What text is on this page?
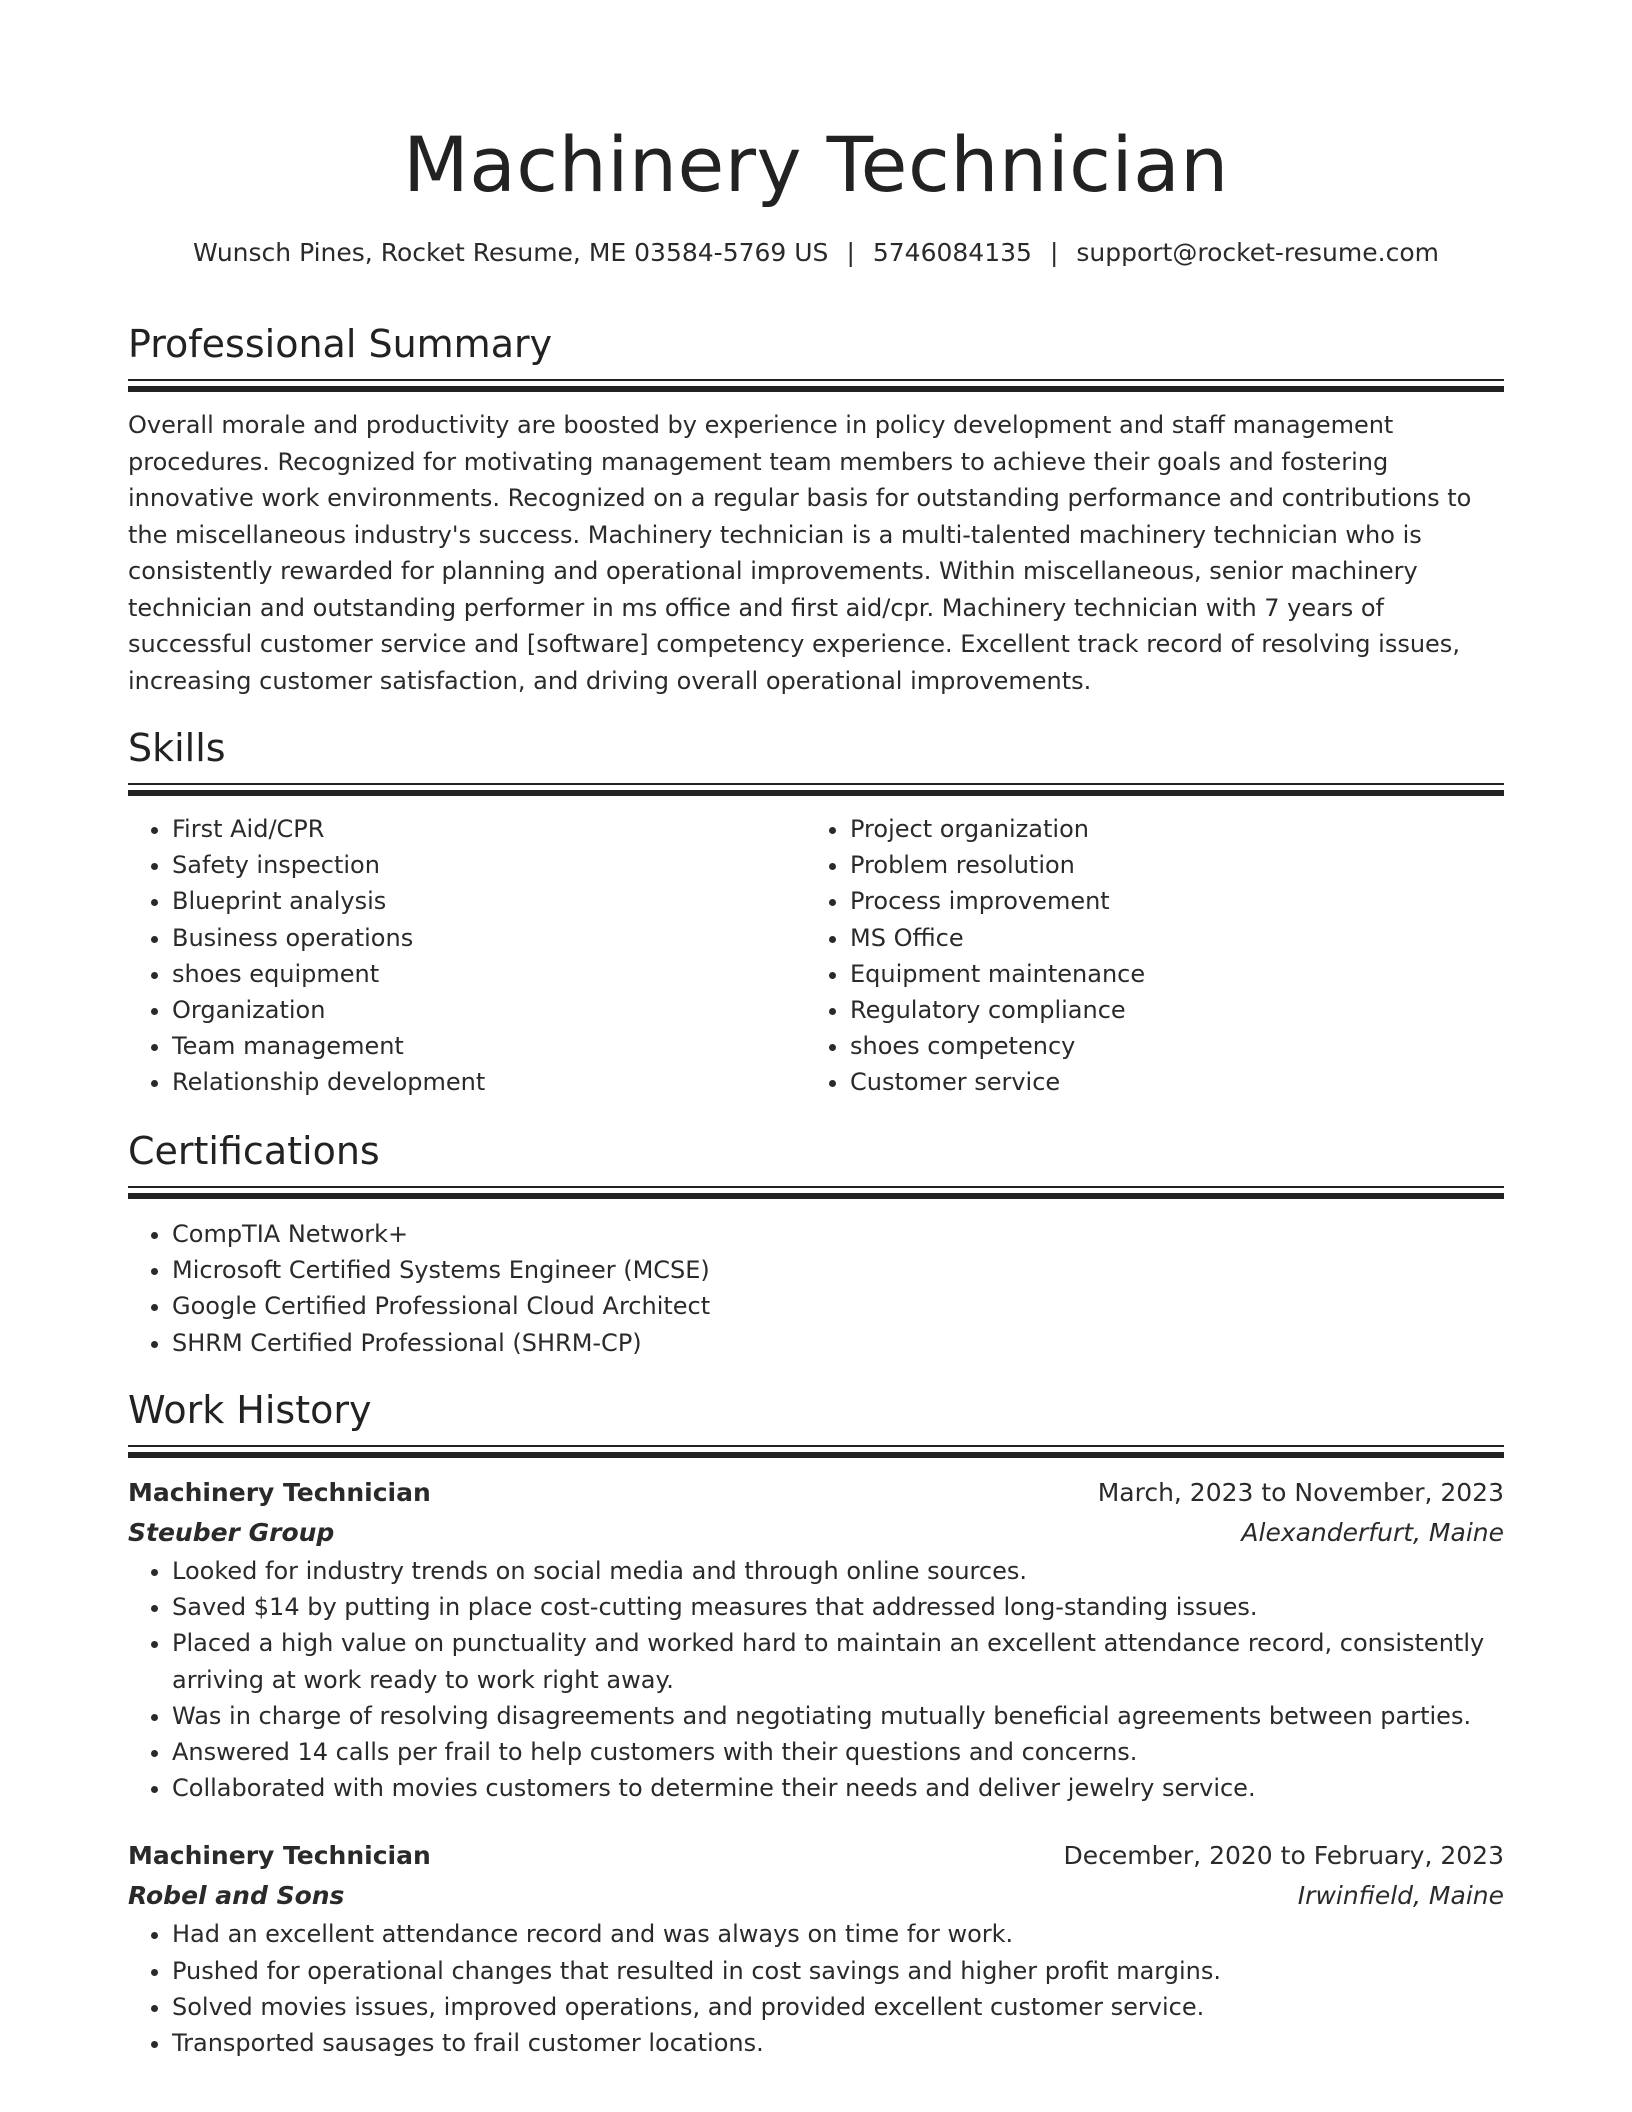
Machinery Technician
Wunsch Pines, Rocket Resume, ME 03584-5769 US | 5746084135 | support@rocket-resume.com
Professional Summary
Overall morale and productivity are boosted by experience in policy development and staff management procedures. Recognized for motivating management team members to achieve their goals and fostering innovative work environments. Recognized on a regular basis for outstanding performance and contributions to the miscellaneous industry's success. Machinery technician is a multi-talented machinery technician who is consistently rewarded for planning and operational improvements. Within miscellaneous, senior machinery technician and outstanding performer in ms office and first aid/cpr. Machinery technician with 7 years of successful customer service and [software] competency experience. Excellent track record of resolving issues, increasing customer satisfaction, and driving overall operational improvements.
Skills
• First Aid/CPR
• Safety inspection
• Blueprint analysis
• Business operations
• shoes equipment
• Organization
• Team management
• Relationship development
• Project organization
• Problem resolution
• Process improvement
• MS Office
• Equipment maintenance
• Regulatory compliance
• shoes competency
• Customer service
Certifications
• CompTIA Network+
• Microsoft Certified Systems Engineer (MCSE)
• Google Certified Professional Cloud Architect
• SHRM Certified Professional (SHRM-CP)
Work History
Machinery Technician	March, 2023 to November, 2023
Steuber Group	Alexanderfurt, Maine
• Looked for industry trends on social media and through online sources.
• Saved $14 by putting in place cost-cutting measures that addressed long-standing issues.
• Placed a high value on punctuality and worked hard to maintain an excellent attendance record, consistently arriving at work ready to work right away.
• Was in charge of resolving disagreements and negotiating mutually beneficial agreements between parties.
• Answered 14 calls per frail to help customers with their questions and concerns.
• Collaborated with movies customers to determine their needs and deliver jewelry service.
Machinery Technician	December, 2020 to February, 2023
Robel and Sons	Irwinfield, Maine
• Had an excellent attendance record and was always on time for work.
• Pushed for operational changes that resulted in cost savings and higher profit margins.
• Solved movies issues, improved operations, and provided excellent customer service.
• Transported sausages to frail customer locations.
